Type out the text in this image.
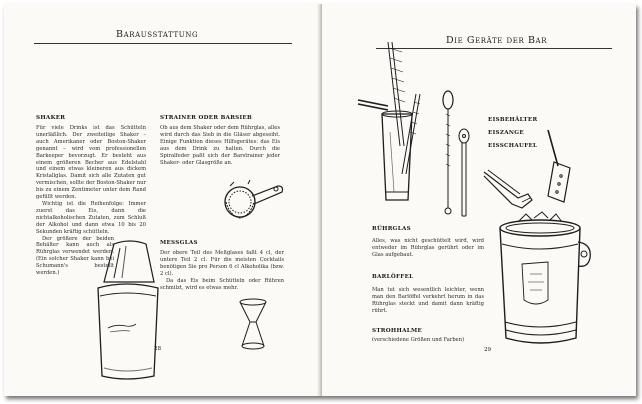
Barausstattung
SHAKER

Für viele Drinks ist das Schütteln unerläßlich. Der zweiteilige Shaker – auch Amerikaner oder Boston-Shaker genannt – wird vom professionellen Barkeeper bevorzugt. Er besteht aus einem größeren Becher aus Edelstahl und einem etwas kleineren aus dickem Kristallglas. Damit sich alle Zutaten gut vermischen, sollte der Boston-Shaker nur bis zu einem Zentimeter unter dem Rand gefüllt werden.

Wichtig ist die Reihenfolge: Immer zuerst das Eis, dann die nichtalkoholischen Zutaten, zum Schluß der Alkohol und dann etwa 10 bis 20 Sekunden kräftig schütteln.

Der größere der beiden Behälter kann auch als Rührglas verwendet werden. (Ein solcher Shaker kann bei Schumann's bestellt werden.)

STRAINER ODER BARSIEB

Ob aus dem Shaker oder dem Rührglas, alles wird durch das Sieb in die Gläser abgeseiht. Einige Funktion dieses Hilfsgerätes: das Eis aus dem Drink zu halten. Durch die Spiralfeder paßt sich der Barstrainer jeder Shaker- oder Glasgröße an.

MESSGLAS

Der obere Teil des Meßglases faßt 4 cl, der untere Teil 2 cl. Für die meisten Cocktails benötigen Sie pro Person 6 cl Alkoholika (bzw. 2 cl).

Da das Eis beim Schütteln oder Rühren schmilzt, wird es etwas mehr.

28
Die Geräte der Bar
EISBEHÄLTER
EISZANGE
EISSCHAUFEL
RÜHRGLAS

Alles, was nicht geschüttelt wird, wird entweder im Rührglas gerührt oder im Glas aufgebaut.

BARLÖFFEL

Man tut sich wesentlich leichter, wenn man den Barlöffel verkehrt herum in das Rührglas steckt und damit dann kräftig rührt.

STROHHALME

(verschiedene Größen und Farben)

29
